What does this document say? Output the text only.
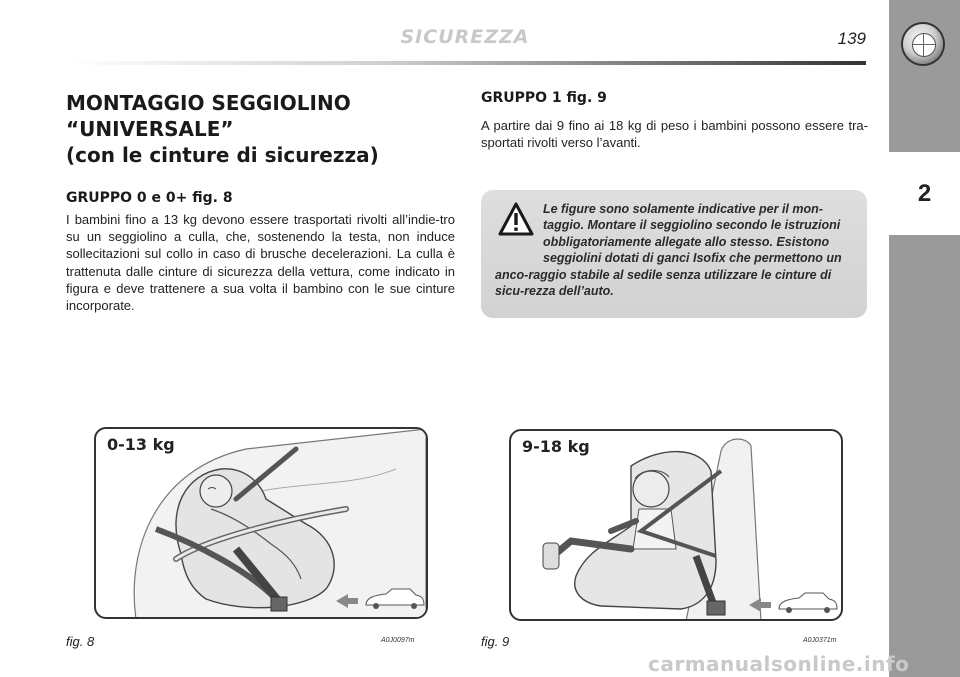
SICUREZZA	139
2
MONTAGGIO SEGGIOLINO
“UNIVERSALE”
(con le cinture di sicurezza)
GRUPPO 0 e 0+ fig. 8

I bambini fino a 13 kg devono essere trasportati rivolti all’indie-tro su un seggiolino a culla, che, sostenendo la testa, non induce sollecitazioni sul collo in caso di brusche decelerazioni. La culla è trattenuta dalle cinture di sicurezza della vettura, come indicato in figura e deve trattenere a sua volta il bambino con le sue cinture incorporate.

GRUPPO 1 fig. 9

A partire dai 9 fino ai 18 kg di peso i bambini possono essere tra-sportati rivolti verso l’avanti.

Le figure sono solamente indicative per il mon-taggio. Montare il seggiolino secondo le istruzioni obbligatoriamente allegate allo stesso. Esistono seggiolini dotati di ganci Isofix che permettono un anco-raggio stabile al sedile senza utilizzare le cinture di sicu-rezza dell’auto.

0-13 kg
fig. 8	A0J0097m
9-18 kg
fig. 9	A0J0371m
carmanualsonline.info
